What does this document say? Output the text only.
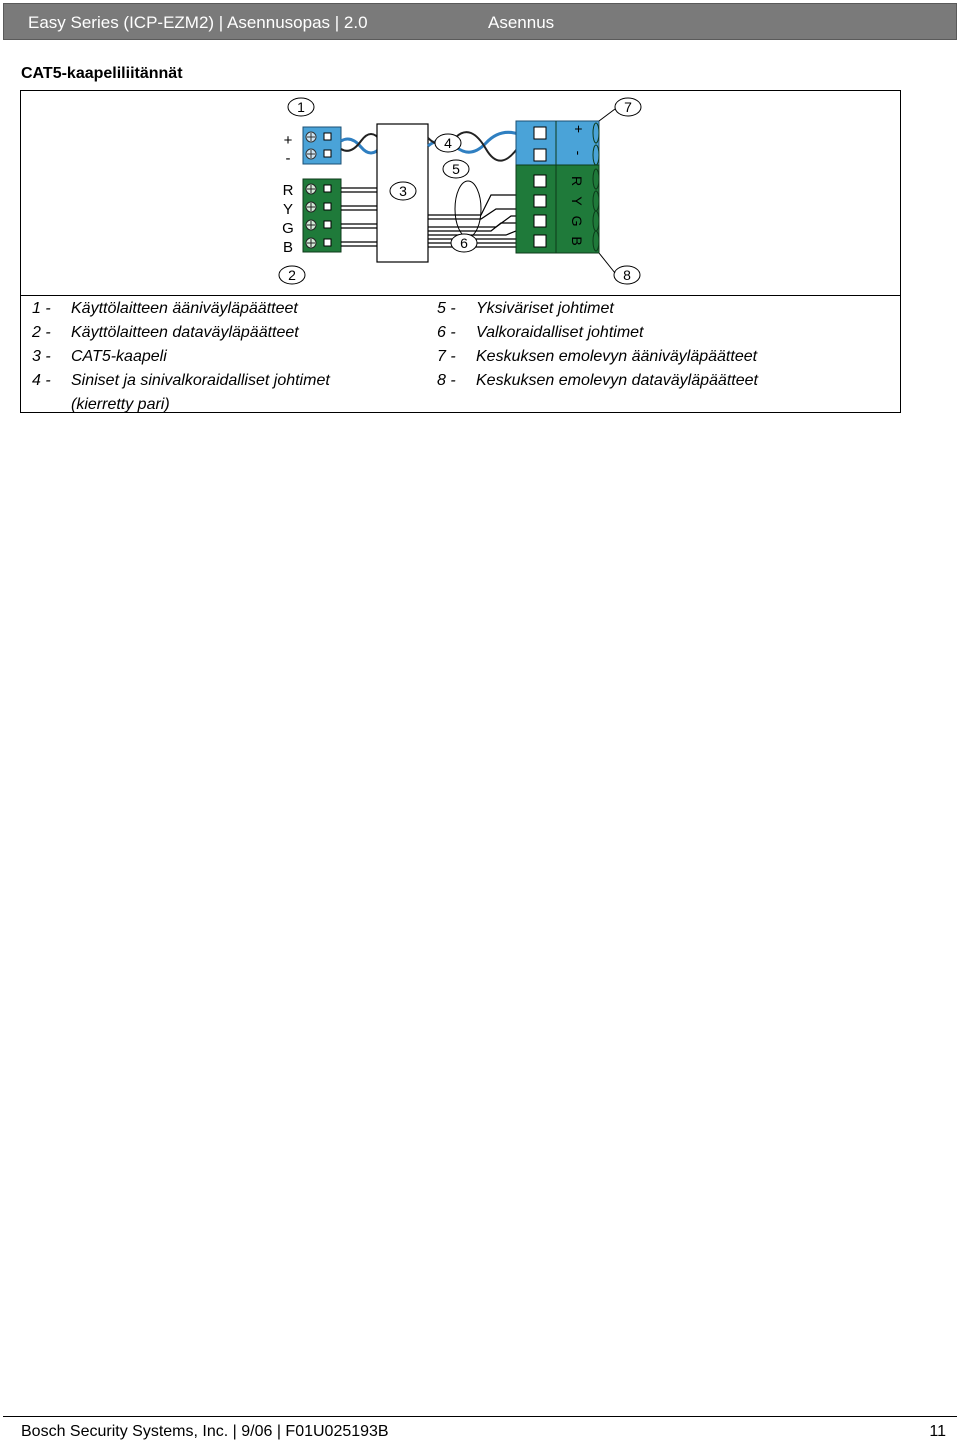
Easy Series (ICP-EZM2) | Asennusopas | 2.0	Asennus
CAT5-kaapeliliitännät
1
2
3
4
5
6
7
8
+
-
R
Y
G
B
+
-
R
Y
G
B
1 - Käyttölaitteen ääniväyläpäätteet
2 - Käyttölaitteen dataväyläpäätteet
3 - CAT5-kaapeli
4 - Siniset ja sinivalkoraidalliset johtimet
(kierretty pari)
5 - Yksiväriset johtimet
6 - Valkoraidalliset johtimet
7 - Keskuksen emolevyn ääniväyläpäätteet
8 - Keskuksen emolevyn dataväyläpäätteet
Bosch Security Systems, Inc. | 9/06 | F01U025193B	11
